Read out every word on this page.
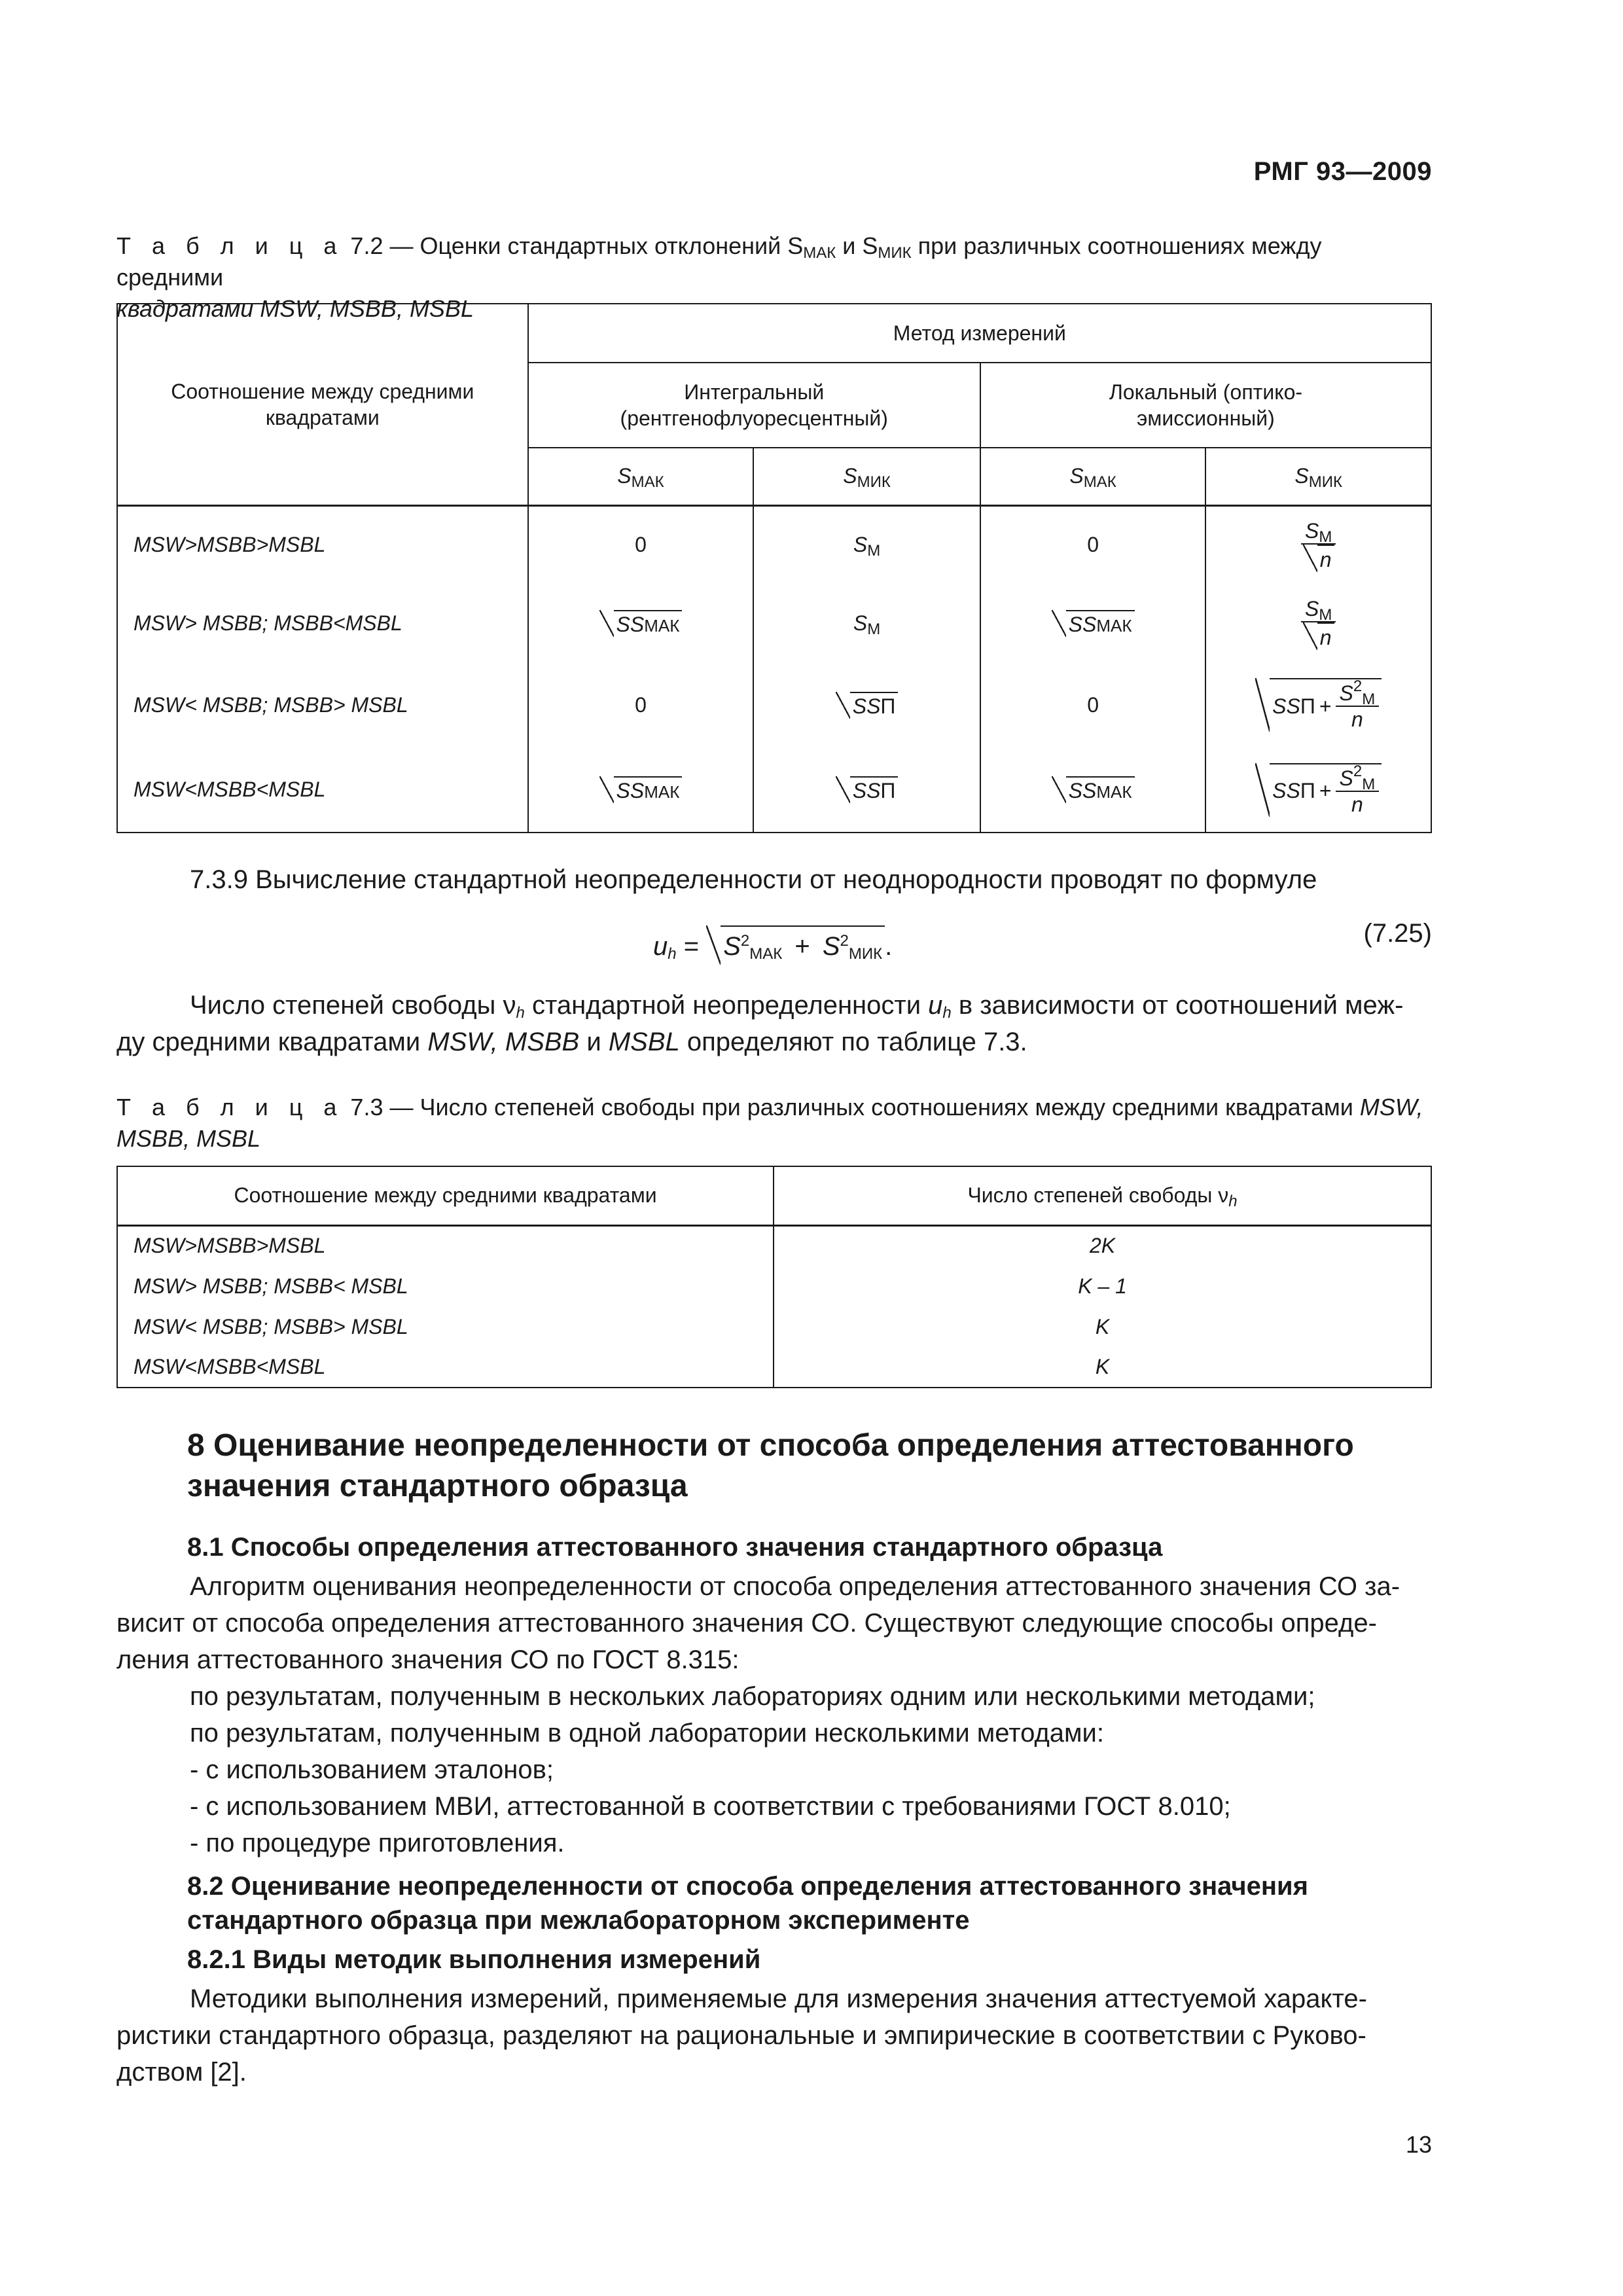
РМГ 93—2009
Т а б л и ц а 7.2 — Оценки стандартных отклонений $S_{МАК}$ и $S_{МИК}$ при различных соотношениях между средними
квадратами MSW, MSBB, MSBL
Соотношение между средними квадратами	Метод измерений			

	Интегральный (рентгенофлуоресцентный)		Локальный (оптико-эмиссионный)	

	$S_{МАК}$	$S_{МИК}$	$S_{МАК}$	$S_{МИК}$
MSW>MSBB>MSBL	0	$S_M$	0	$\frac{S_M}{n}$

MSW> MSBB; MSBB<MSBL	SSМАК	$S_M$	SSМАК	$\frac{S_M}{n}$

MSW< MSBB; MSBB> MSBL	0	SSП	0	SS $П + \frac{S^2_M}{n}$

MSW<MSBB<MSBL	SSМАК	SSП	SSМАК	SS $П + \frac{S^2_M}{n}$
7.3.9 Вычисление стандартной неопределенности от неоднородности проводят по формуле
$u_h = S^2_{МАК} + S^2_{МИК}$ .	(7.25)
Число степеней свободы $\nu_h$ стандартной неопределенности $u_h$ в зависимости от соотношений меж-
ду средними квадратами MSW, MSBB и MSBL определяют по таблице 7.3.
Т а б л и ц а 7.3 — Число степеней свободы при различных соотношениях между средними квадратами MSW,
MSBB, MSBL
Соотношение между средними квадратами	Число степеней свободы $\nu_h$
MSW>MSBB>MSBL	2K
MSW> MSBB; MSBB< MSBL	K – 1
MSW< MSBB; MSBB> MSBL	K
MSW<MSBB<MSBL	K
8 Оценивание неопределенности от способа определения аттестованного
значения стандартного образца
8.1 Способы определения аттестованного значения стандартного образца
Алгоритм оценивания неопределенности от способа определения аттестованного значения СО за-
висит от способа определения аттестованного значения СО. Существуют следующие способы опреде-
ления аттестованного значения СО по ГОСТ 8.315:
по результатам, полученным в нескольких лабораториях одним или несколькими методами;
по результатам, полученным в одной лаборатории несколькими методами:
- с использованием эталонов;
- с использованием МВИ, аттестованной в соответствии с требованиями ГОСТ 8.010;
- по процедуре приготовления.
8.2 Оценивание неопределенности от способа определения аттестованного значения
стандартного образца при межлабораторном эксперименте
8.2.1 Виды методик выполнения измерений
Методики выполнения измерений, применяемые для измерения значения аттестуемой характе-
ристики стандартного образца, разделяют на рациональные и эмпирические в соответствии с Руково-
дством [2].
13
